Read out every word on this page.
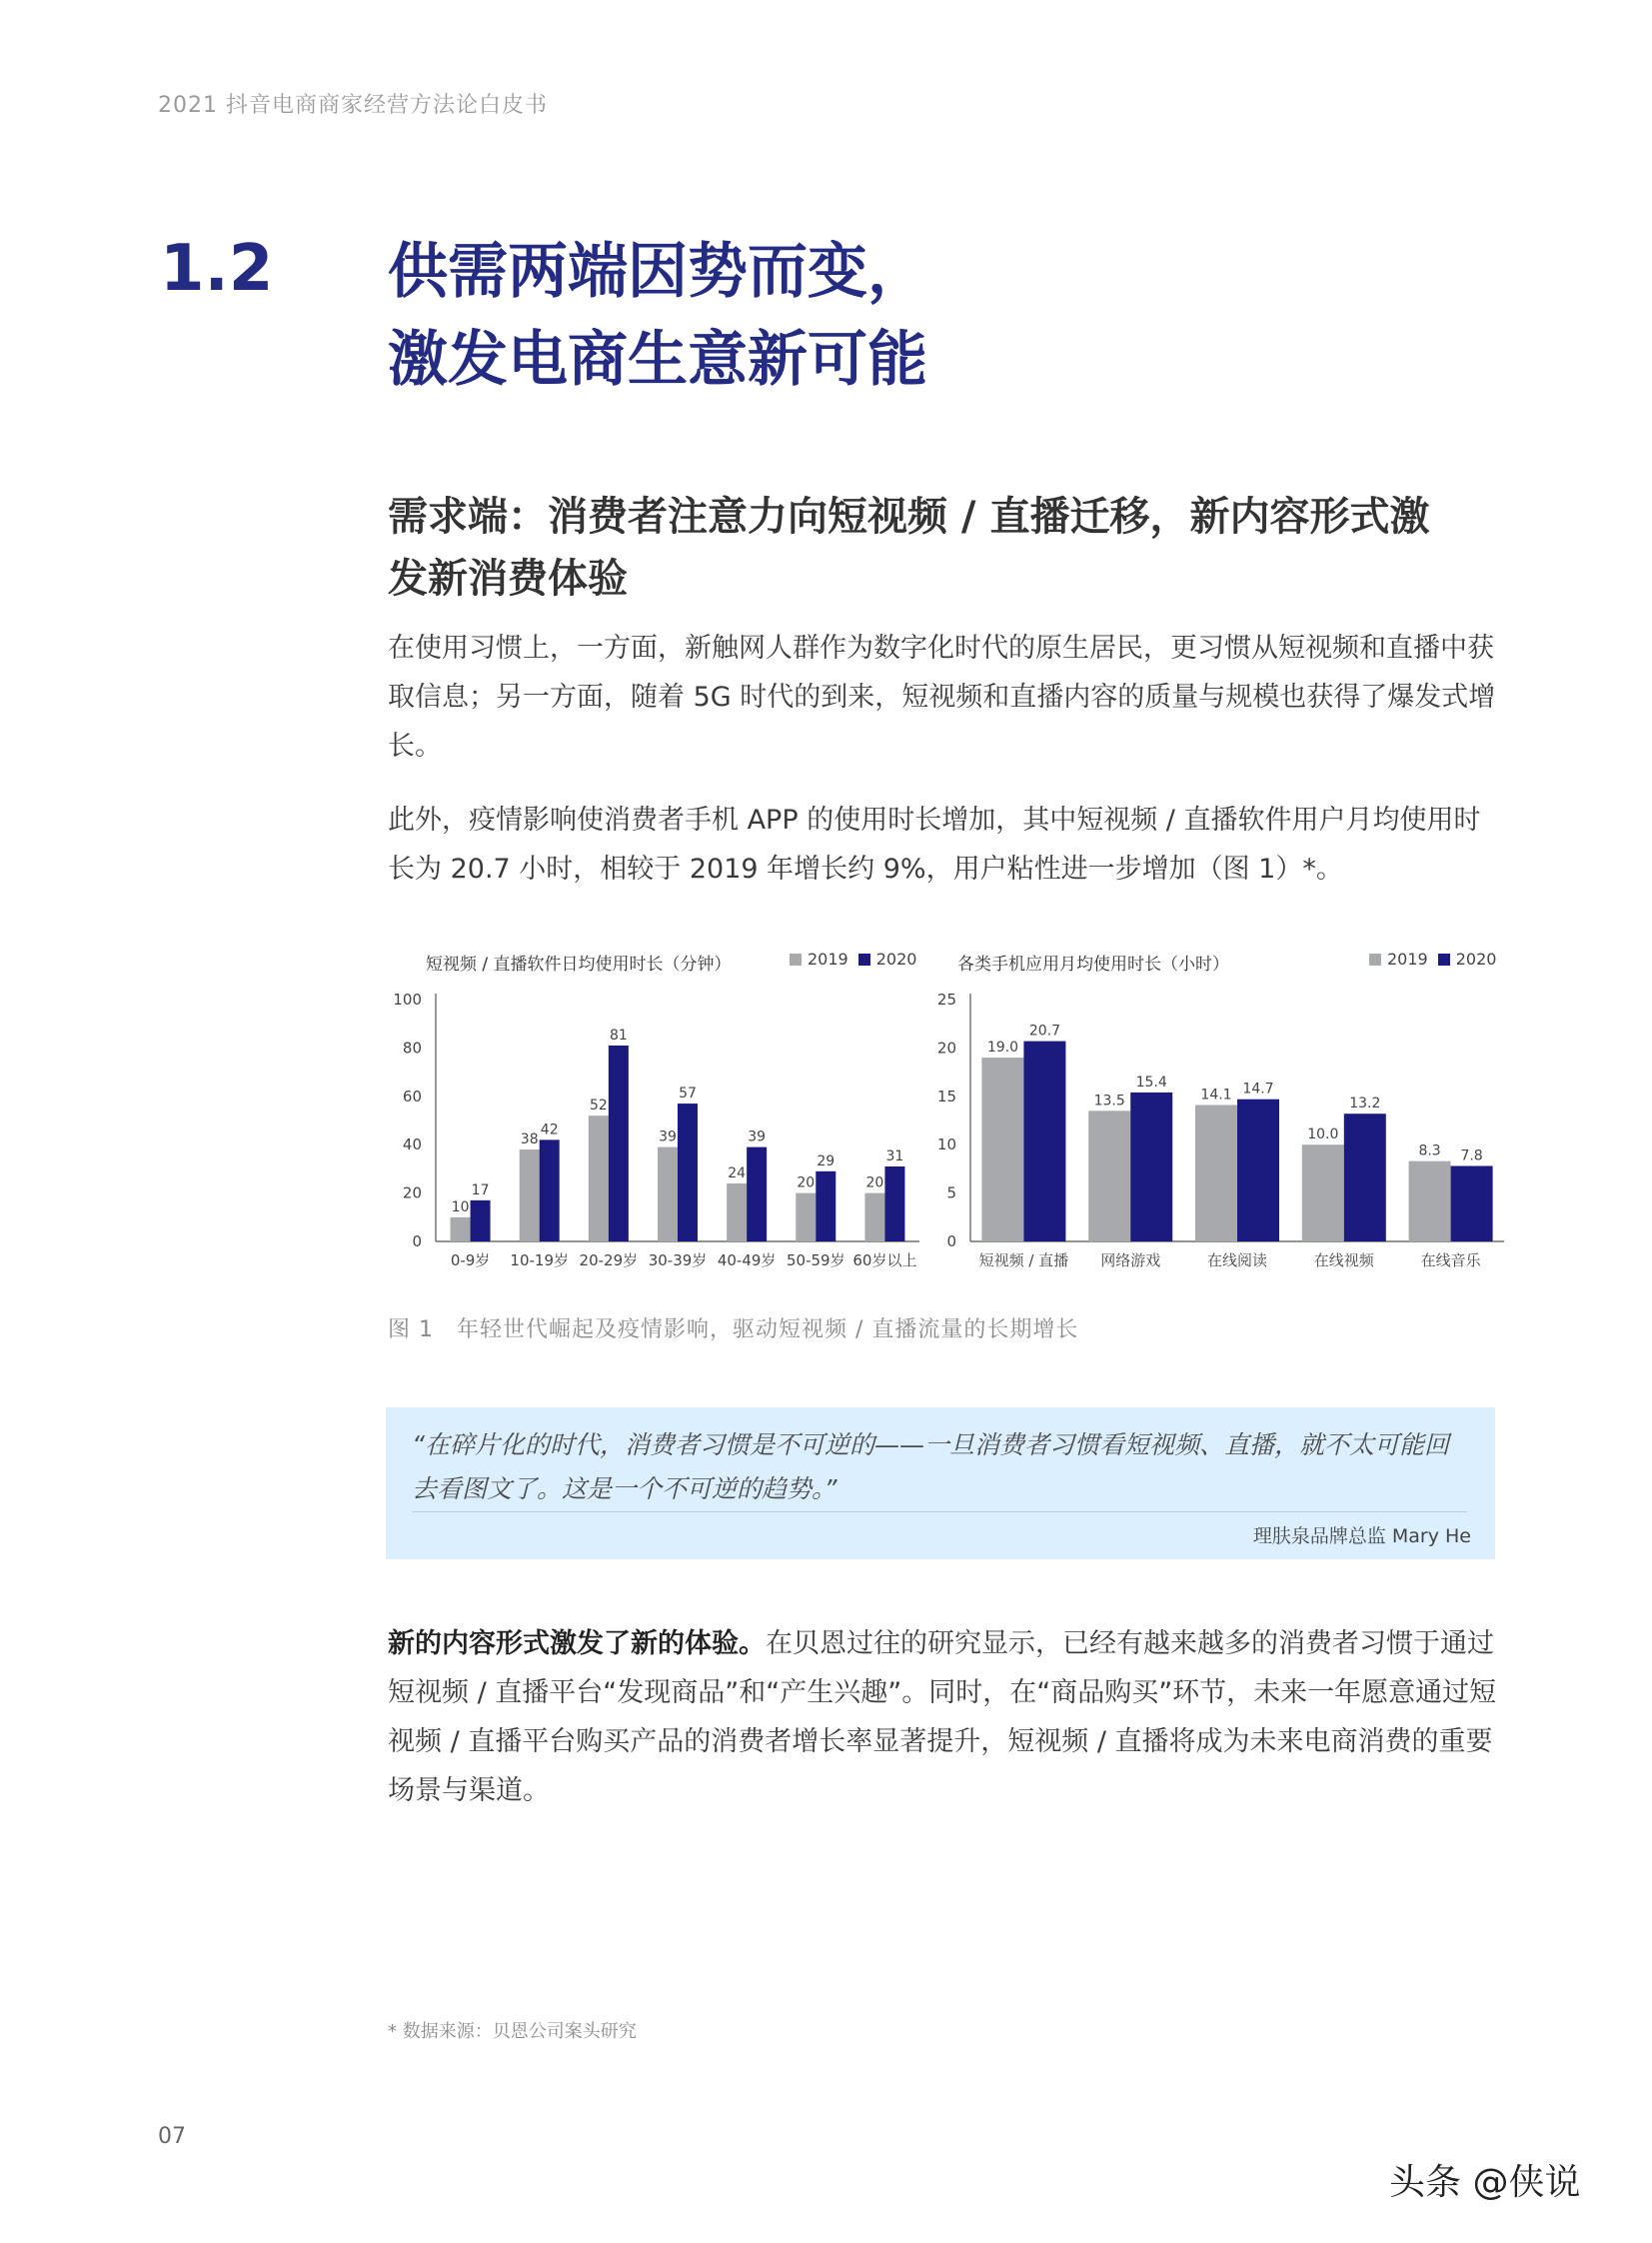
2021 抖音电商商家经营方法论白皮书
1.2 供需两端因势而变，
激发电商生意新可能
需求端：消费者注意力向短视频 / 直播迁移，新内容形式激
发新消费体验
在使用习惯上，一方面，新触网人群作为数字化时代的原生居民，更习惯从短视频和直播中获取信息；另一方面，随着 5G 时代的到来，短视频和直播内容的质量与规模也获得了爆发式增长。
此外，疫情影响使消费者手机 APP 的使用时长增加，其中短视频 / 直播软件用户月均使用时长为 20.7 小时，相较于 2019 年增长约 9%，用户粘性进一步增加（图 1）*。
短视频 / 直播软件日均使用时长（分钟）	2019 2020
0
20
40
60
80
100
10
17
0-9岁
38
42
10-19岁
52
81
20-29岁
39
57
30-39岁
24
39
40-49岁
20
29
50-59岁
20
31
60岁以上
各类手机应用月均使用时长（小时）	2019 2020
0
5
10
15
20
25
19.0
20.7
短视频 / 直播
13.5
15.4
网络游戏
14.1 14.7
在线阅读
10.0
13.2
在线视频
8.3 7.8
在线音乐
图 1　年轻世代崛起及疫情影响，驱动短视频 / 直播流量的长期增长
“在碎片化的时代，消费者习惯是不可逆的——一旦消费者习惯看短视频、直播，就不太可能回去看图文了。这是一个不可逆的趋势。”
理肤泉品牌总监 Mary He
新的内容形式激发了新的体验。在贝恩过往的研究显示，已经有越来越多的消费者习惯于通过短视频 / 直播平台“发现商品”和“产生兴趣”。同时，在“商品购买”环节，未来一年愿意通过短视频 / 直播平台购买产品的消费者增长率显著提升，短视频 / 直播将成为未来电商消费的重要场景与渠道。
* 数据来源：贝恩公司案头研究
07
头条 @侠说
